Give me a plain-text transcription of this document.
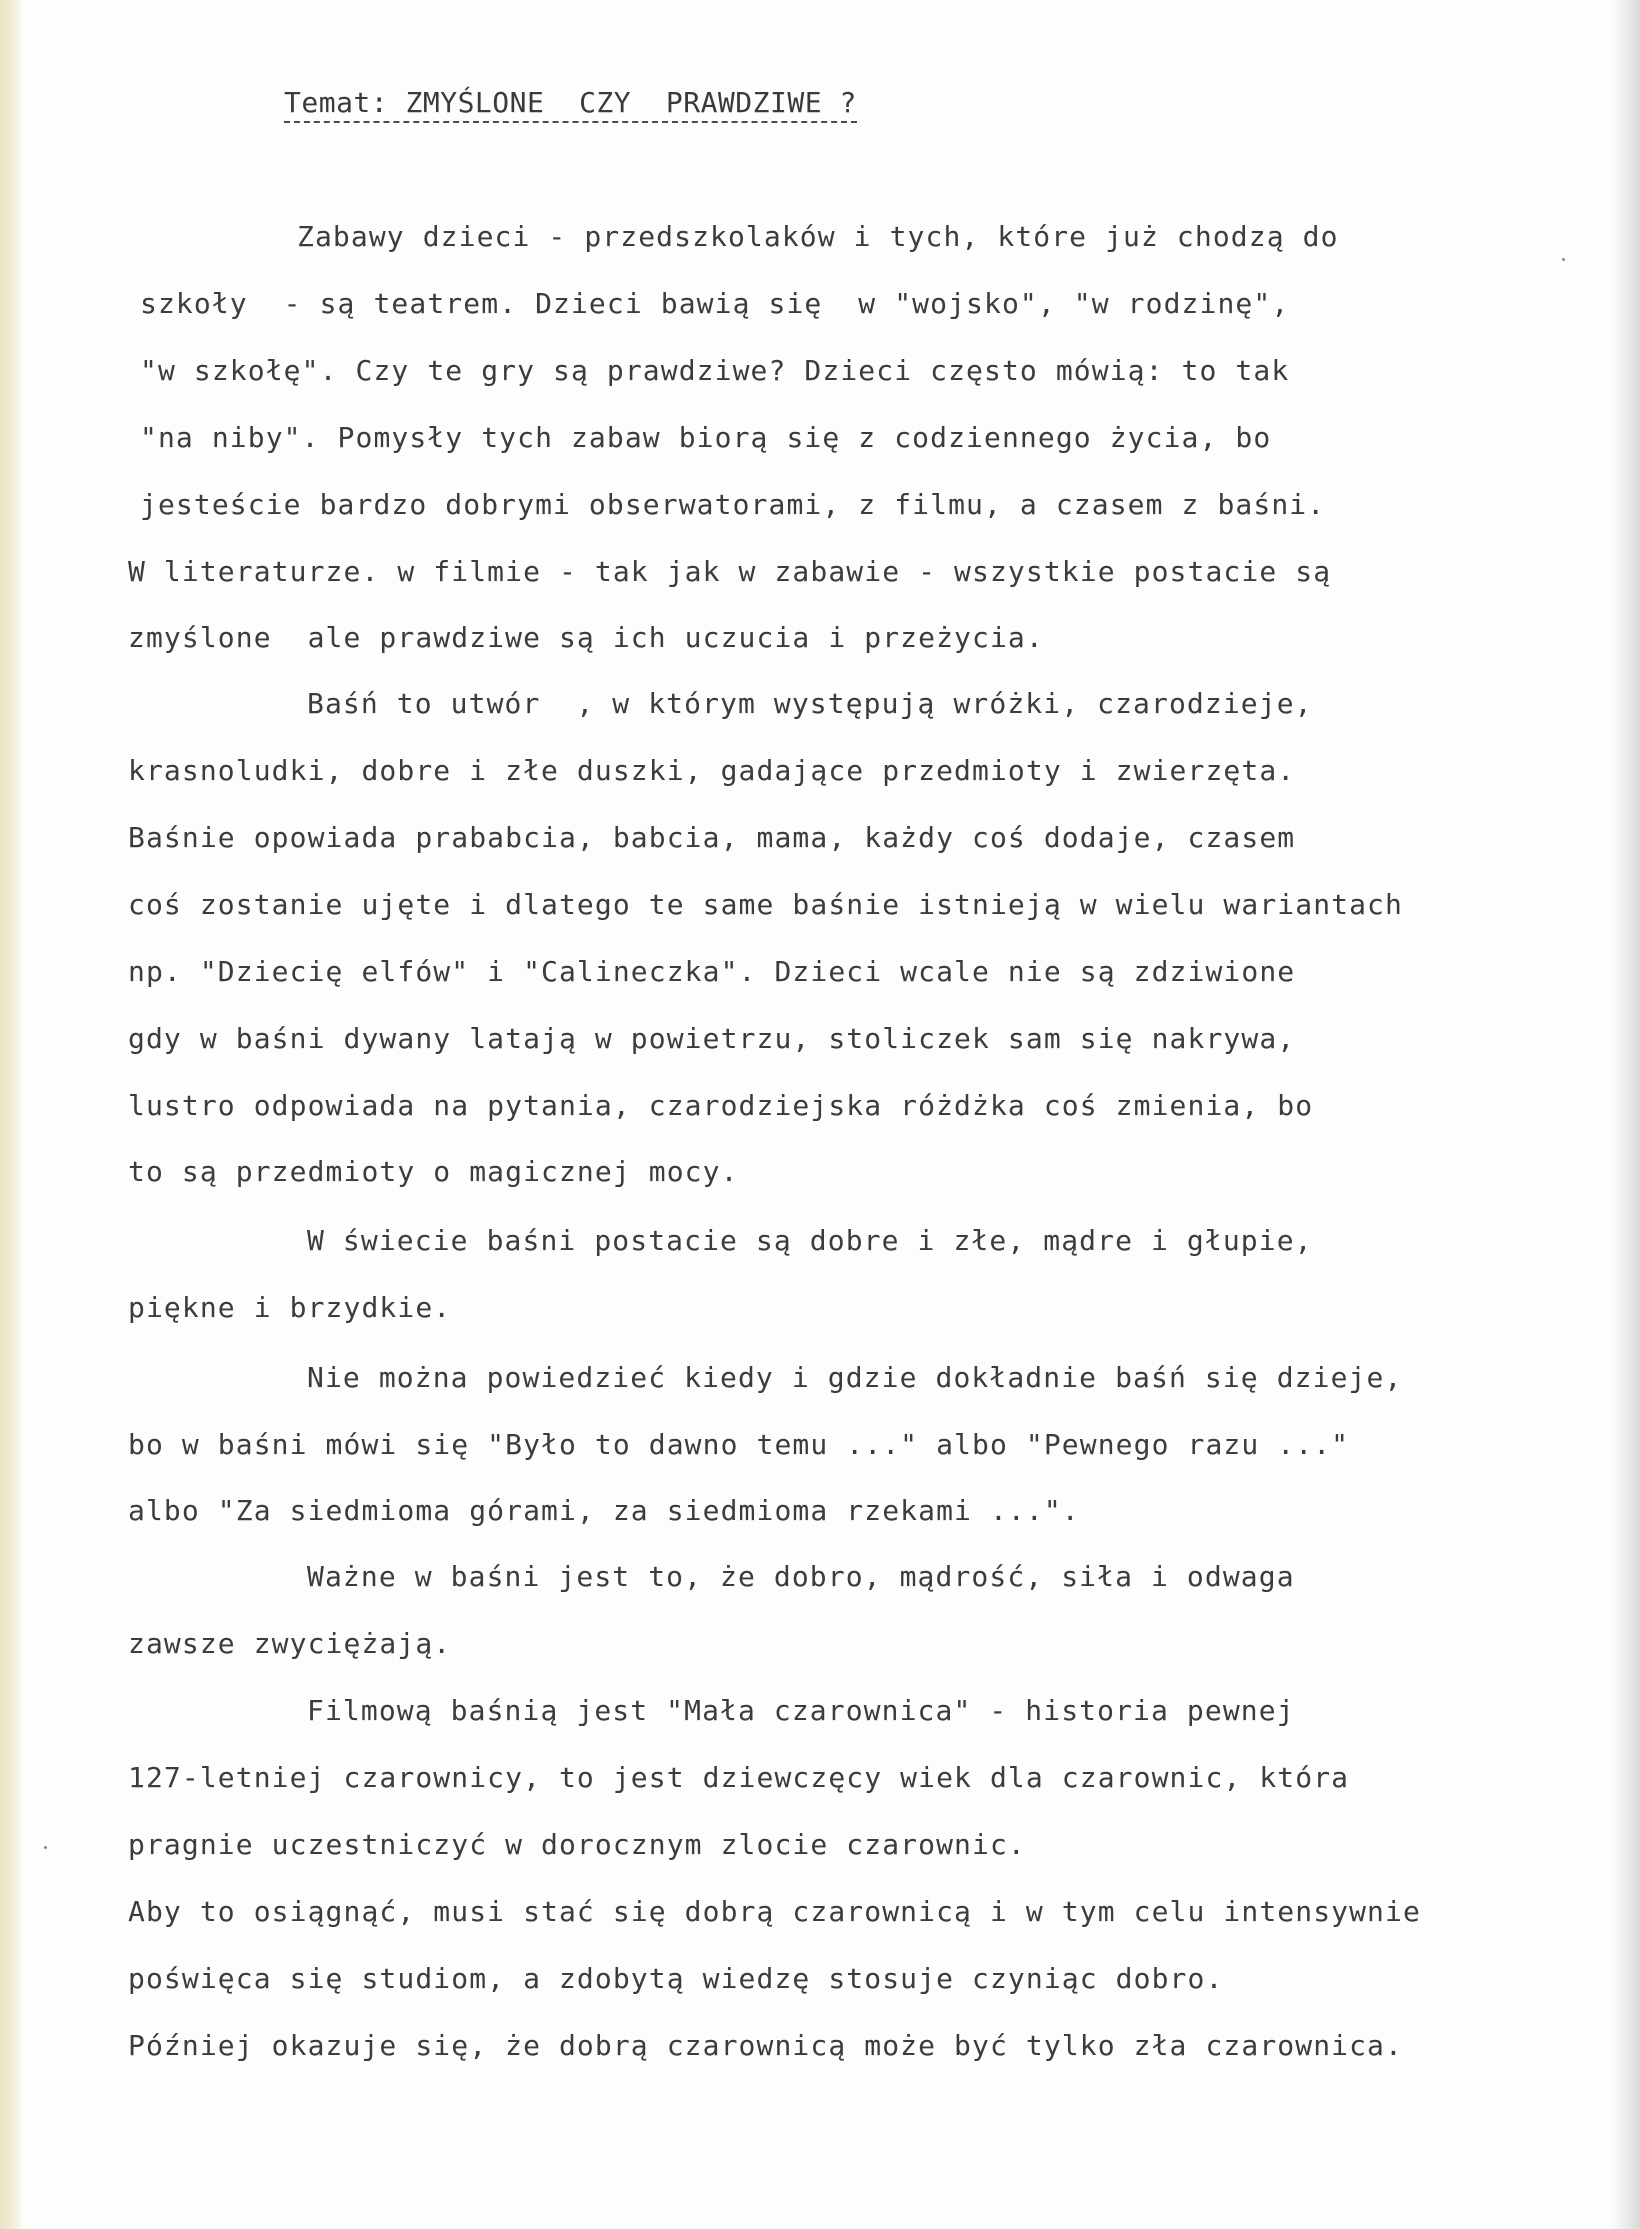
Temat: ZMYŚLONE  CZY  PRAWDZIWE ?
Zabawy dzieci - przedszkolaków i tych, które już chodzą do
szkoły  - są teatrem. Dzieci bawią się  w "wojsko", "w rodzinę",
"w szkołę". Czy te gry są prawdziwe? Dzieci często mówią: to tak
"na niby". Pomysły tych zabaw biorą się z codziennego życia, bo
jesteście bardzo dobrymi obserwatorami, z filmu, a czasem z baśni.
W literaturze. w filmie - tak jak w zabawie - wszystkie postacie są
zmyślone  ale prawdziwe są ich uczucia i przeżycia.
Baśń to utwór  , w którym występują wróżki, czarodzieje,
krasnoludki, dobre i złe duszki, gadające przedmioty i zwierzęta.
Baśnie opowiada prababcia, babcia, mama, każdy coś dodaje, czasem
coś zostanie ujęte i dlatego te same baśnie istnieją w wielu wariantach
np. "Dziecię elfów" i "Calineczka". Dzieci wcale nie są zdziwione
gdy w baśni dywany latają w powietrzu, stoliczek sam się nakrywa,
lustro odpowiada na pytania, czarodziejska różdżka coś zmienia, bo
to są przedmioty o magicznej mocy.
W świecie baśni postacie są dobre i złe, mądre i głupie,
piękne i brzydkie.
Nie można powiedzieć kiedy i gdzie dokładnie baśń się dzieje,
bo w baśni mówi się "Było to dawno temu ..." albo "Pewnego razu ..."
albo "Za siedmioma górami, za siedmioma rzekami ...".
Ważne w baśni jest to, że dobro, mądrość, siła i odwaga
zawsze zwyciężają.
Filmową baśnią jest "Mała czarownica" - historia pewnej
127-letniej czarownicy, to jest dziewczęcy wiek dla czarownic, która
pragnie uczestniczyć w dorocznym zlocie czarownic.
Aby to osiągnąć, musi stać się dobrą czarownicą i w tym celu intensywnie
poświęca się studiom, a zdobytą wiedzę stosuje czyniąc dobro.
Później okazuje się, że dobrą czarownicą może być tylko zła czarownica.
